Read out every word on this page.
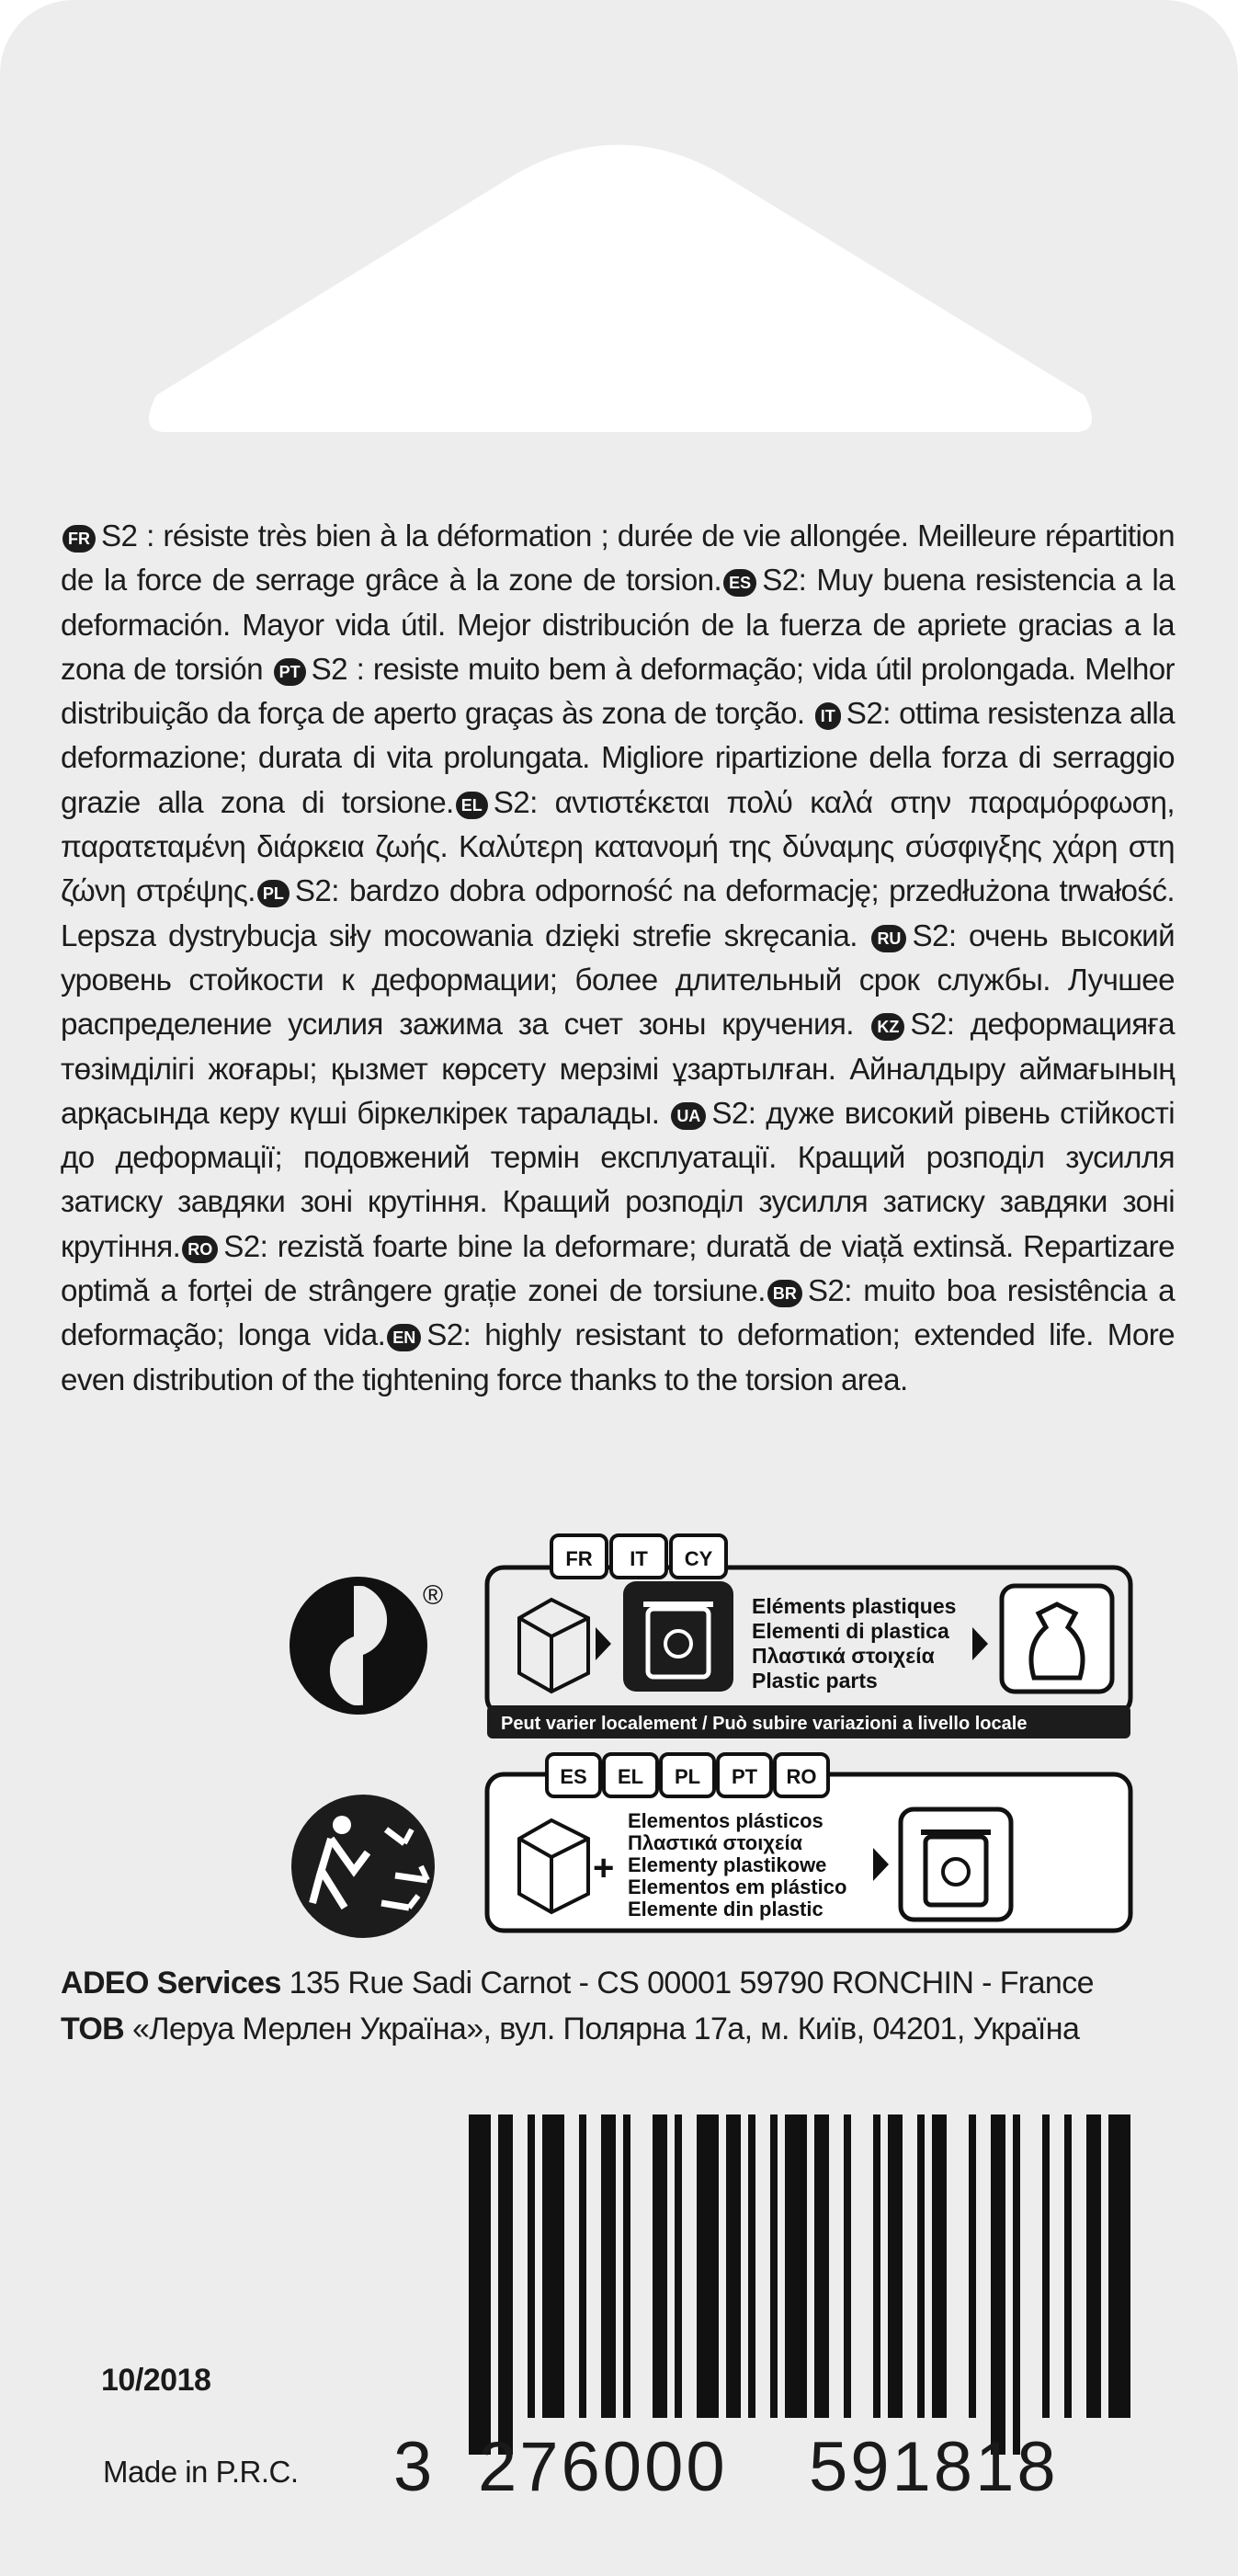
FR S2 : résiste très bien à la déformation ; durée de vie allongée. Meilleure répartition de la force de serrage grâce à la zone de torsion. ES S2: Muy buena resistencia a la deformación. Mayor vida útil. Mejor distribución de la fuerza de apriete gracias a la zona de torsión PT S2 : resiste muito bem à deformação; vida útil prolongada. Melhor distribuição da força de aperto graças às zona de torção. IT S2: ottima resistenza alla deformazione; durata di vita prolungata. Migliore ripartizione della forza di serraggio grazie alla zona di torsione. EL S2: αντιστέκεται πολύ καλά στην παραμόρφωση, παρατεταμένη διάρκεια ζωής. Καλύτερη κατανομή της δύναμης σύσφιγξης χάρη στη ζώνη στρέψης. PL S2: bardzo dobra odporność na deformację; przedłużona trwałość. Lepsza dystrybucja siły mocowania dzięki strefie skręcania. RU S2: очень высокий уровень стойкости к деформации; более длительный срок службы. Лучшее распределение усилия зажима за счет зоны кручения. KZ S2: деформацияға төзімділігі жоғары; қызмет көрсету мерзімі ұзартылған. Айналдыру аймағының арқасында керу күші біркелкірек таралады. UA S2: дуже високий рівень стійкості до деформації; подовжений термін експлуатації. Кращий розподіл зусилля затиску завдяки зоні крутіння. Кращий розподіл зусилля затиску завдяки зоні крутіння. RO S2: rezistă foarte bine la deformare; durată de viață extinsă. Repartizare optimă a forței de strângere grație zonei de torsiune. BR S2: muito boa resistência a deformação; longa vida. EN S2: highly resistant to deformation; extended life. More even distribution of the tightening force thanks to the torsion area.
®
FR IT CY
Eléments plastiques
Elementi di plastica
Πλαστικά στοιχεία
Plastic parts
Peut varier localement / Può subire variazioni a livello locale
ES EL PL PT RO
+
Elementos plásticos
Πλαστικά στοιχεία
Elementy plastikowe
Elementos em plástico
Elemente din plastic
ADEO Services 135 Rue Sadi Carnot - CS 00001 59790 RONCHIN - France
ТОВ «Леруа Мерлен Україна», вул. Полярна 17а, м. Київ, 04201, Україна
10/2018
Made in P.R.C. 3 276000 591818
